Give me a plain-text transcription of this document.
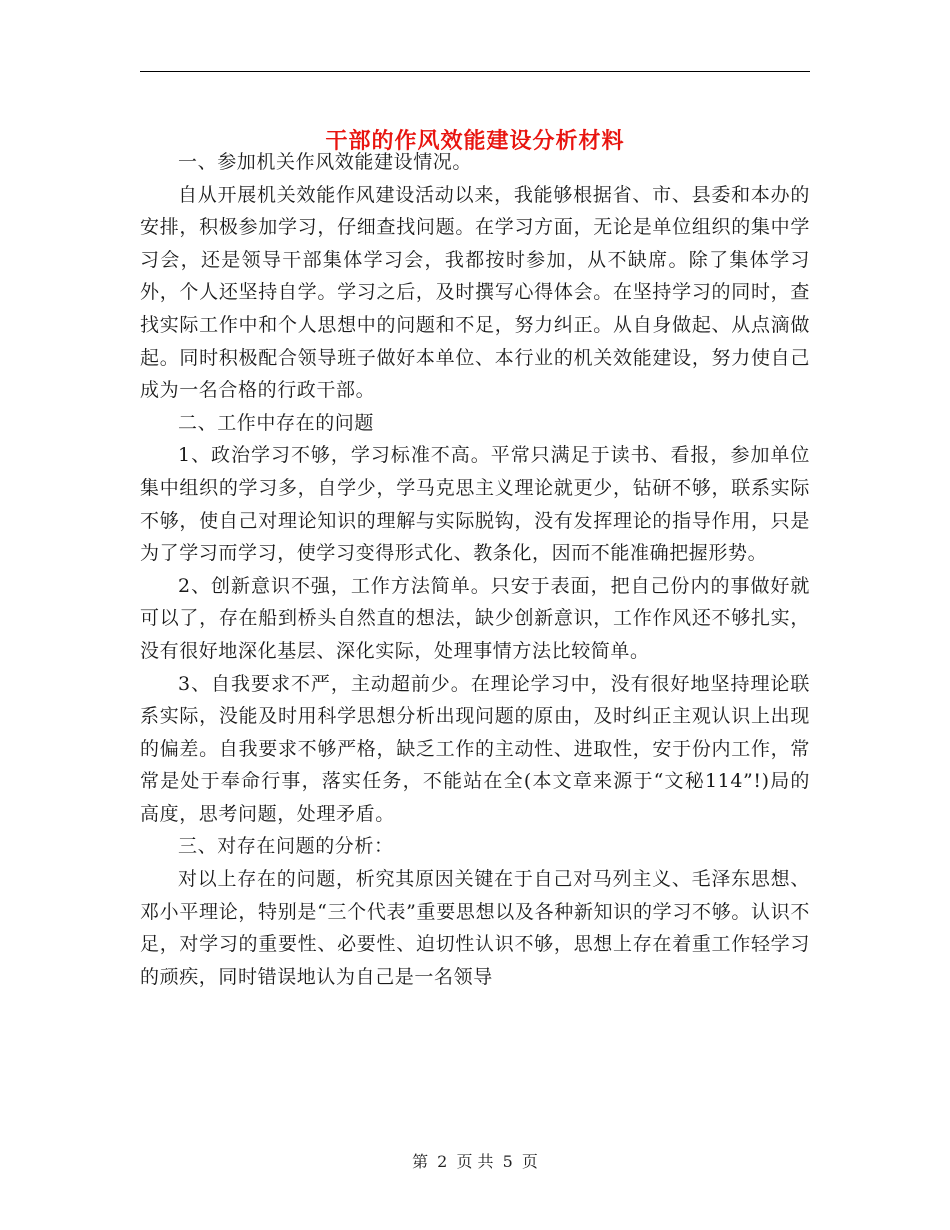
干部的作风效能建设分析材料

一、参加机关作风效能建设情况。

自从开展机关效能作风建设活动以来，我能够根据省、市、县委和本办的安排，积极参加学习，仔细查找问题。在学习方面，无论是单位组织的集中学习会，还是领导干部集体学习会，我都按时参加，从不缺席。除了集体学习外，个人还坚持自学。学习之后，及时撰写心得体会。在坚持学习的同时，查找实际工作中和个人思想中的问题和不足，努力纠正。从自身做起、从点滴做起。同时积极配合领导班子做好本单位、本行业的机关效能建设，努力使自己成为一名合格的行政干部。

二、工作中存在的问题

1、政治学习不够，学习标准不高。平常只满足于读书、看报，参加单位集中组织的学习多，自学少，学马克思主义理论就更少，钻研不够，联系实际不够，使自己对理论知识的理解与实际脱钩，没有发挥理论的指导作用，只是为了学习而学习，使学习变得形式化、教条化，因而不能准确把握形势。

2、创新意识不强，工作方法简单。只安于表面，把自己份内的事做好就可以了，存在船到桥头自然直的想法，缺少创新意识，工作作风还不够扎实，没有很好地深化基层、深化实际，处理事情方法比较简单。

3、自我要求不严，主动超前少。在理论学习中，没有很好地坚持理论联系实际，没能及时用科学思想分析出现问题的原由，及时纠正主观认识上出现的偏差。自我要求不够严格，缺乏工作的主动性、进取性，安于份内工作，常常是处于奉命行事，落实任务，不能站在全(本文章来源于“文秘114”!)局的高度，思考问题，处理矛盾。

三、对存在问题的分析：

对以上存在的问题，析究其原因关键在于自己对马列主义、毛泽东思想、邓小平理论，特别是“三个代表”重要思想以及各种新知识的学习不够。认识不足，对学习的重要性、必要性、迫切性认识不够，思想上存在着重工作轻学习的顽疾，同时错误地认为自己是一名领导

第 2 页 共 5 页
